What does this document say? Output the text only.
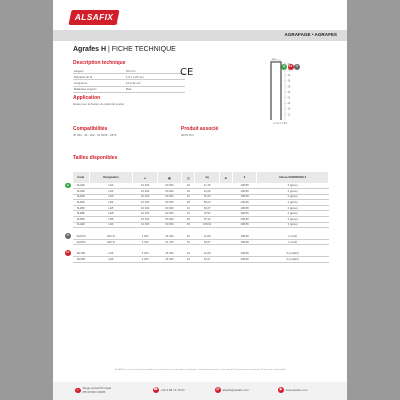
ALSAFIX
®
AGRAFAGE • AGRAFES
Agrafes H | FICHE TECHNIQUE
Description technique
Largeur	8,6 mm
Diamètre du fil	1,0 x 1,25 mm
Longueurs	12 à 40 mm
Matériaux support	Bois
CE
Application
Idéale pour la fixation de plafonds tendus
Compatibilités
JK 664 - 30 - 992 - SL 5035 - U870
Produit associé
06/25 PL3
G C2 S
8,6
40
35
32
30
28
25
22
20
16
12
⌀ 1,0 x 1,25
Tailles disponibles
Code	Désignation	▭	▦	◫	kg	⚖	€	Classe EURODOSE 3

G 6H12F	H12	10 000	60 000	16	11,76		108,89	2 (gène)
6H16F	H16	10 000	60 000	19	41,09		108,89	2 (gène)
6H20F	H20	10 000	60 000	24	51,00		108,89	2 (gène)
6H22F	H22	10 000	60 000	26	56,02		108,89	2 (gène)
6H25F	H25	10 000	60 000	31	64,67		108,89	2 (gène)
6H28F	H28	10 000	60 000	33	76,52		108,89	2 (gène)
6H35F	H35	10 000	60 000	39	97,44		108,89	2 (gène)
6H40F	H40	10 000	60 000	45	108,01		108,89	2 (gène)

S 6H16SI	H16 SI	4 200	25 400	23	41,09		108,89	1 (rouil)
6H25SI	H25 SI	2 700	21 700	16	64,67		108,89	1 (rouil)

C2 6H16R	H16	4 200	25 400	23	41,09		108,89	3 (rouil)(2)
6H25R	H25	4 200	25 400	24	64,67		108,89	3 (rouil)(2)
ALSAFIX se réserve le droit de modifier sans préavis les caractéristiques techniques. Informations données à titre indicatif. Document non contractuel. Photos non contractuelles.
⌂	Siège social Principal
PB 67260 C3005
☎ +33 3 88 72 15 51	@ alsafix@alsafix.com	◉	www.alsafix.com
